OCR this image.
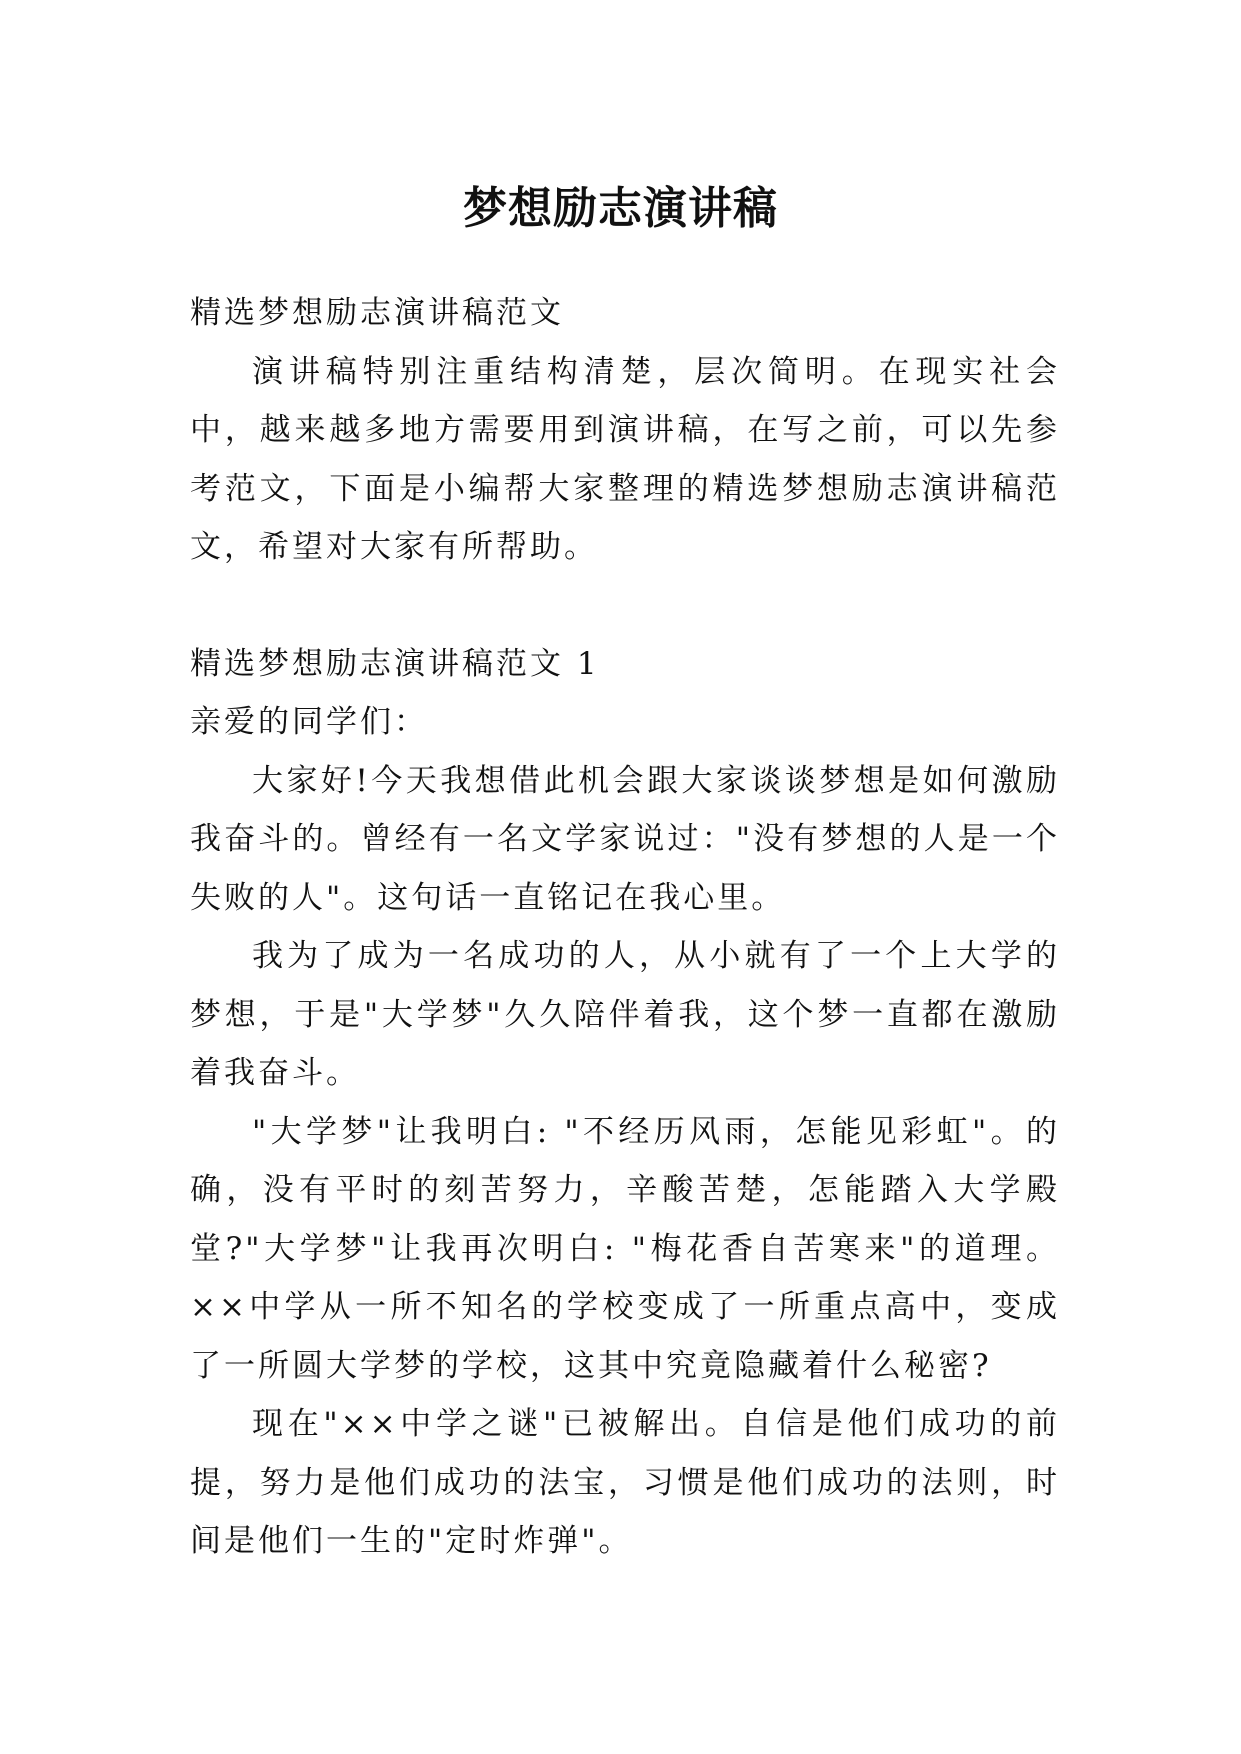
梦想励志演讲稿

精选梦想励志演讲稿范文

演讲稿特别注重结构清楚，层次简明。在现实社会中，越来越多地方需要用到演讲稿，在写之前，可以先参考范文，下面是小编帮大家整理的精选梦想励志演讲稿范文，希望对大家有所帮助。

精选梦想励志演讲稿范文 1

亲爱的同学们：

大家好!今天我想借此机会跟大家谈谈梦想是如何激励我奋斗的。曾经有一名文学家说过："没有梦想的人是一个失败的人"。这句话一直铭记在我心里。

我为了成为一名成功的人，从小就有了一个上大学的梦想，于是"大学梦"久久陪伴着我，这个梦一直都在激励着我奋斗。

"大学梦"让我明白: "不经历风雨，怎能见彩虹"。的确，没有平时的刻苦努力，辛酸苦楚，怎能踏入大学殿堂?"大学梦"让我再次明白: "梅花香自苦寒来"的道理。××中学从一所不知名的学校变成了一所重点高中，变成了一所圆大学梦的学校，这其中究竟隐藏着什么秘密?

现在"××中学之谜"已被解出。自信是他们成功的前提，努力是他们成功的法宝，习惯是他们成功的法则，时间是他们一生的"定时炸弹"。
